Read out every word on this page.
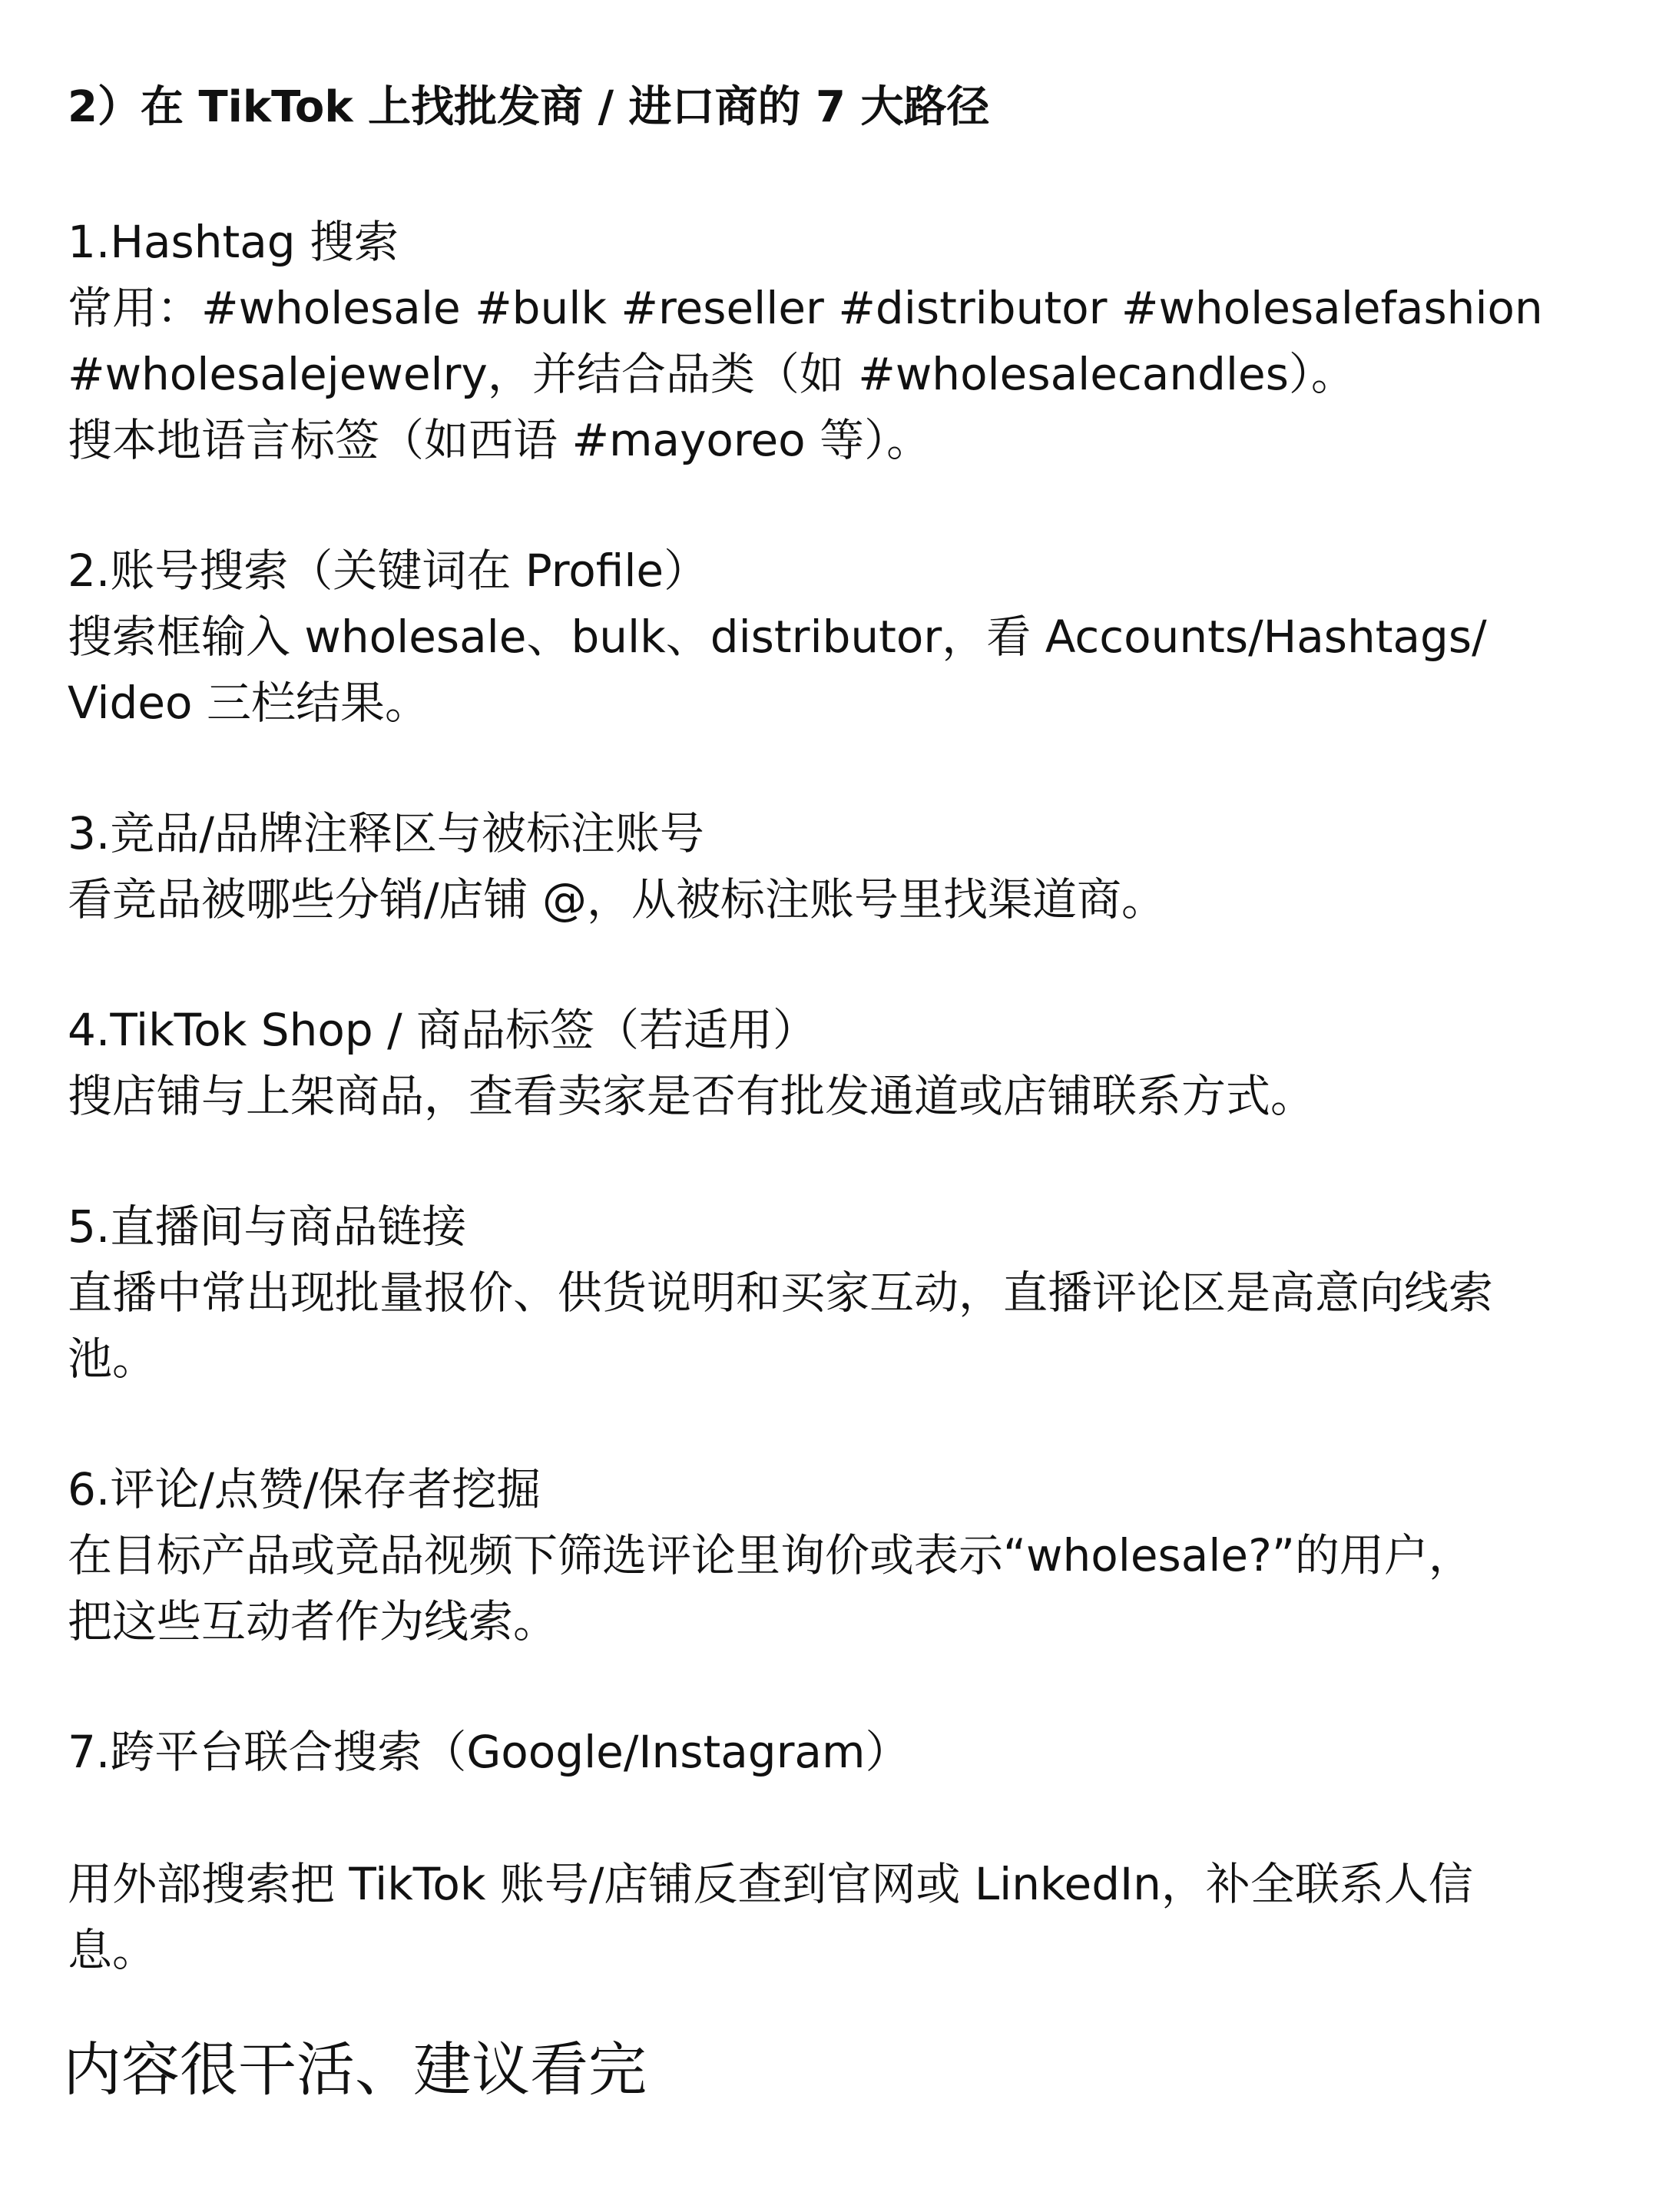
2）在 TikTok 上找批发商 / 进口商的 7 大路径
1.Hashtag 搜索
常用：#wholesale #bulk #reseller #distributor #wholesalefashion
#wholesalejewelry，并结合品类（如 #wholesalecandles）。
搜本地语言标签（如西语 #mayoreo 等）。
2.账号搜索（关键词在 Profile）
搜索框输入 wholesale、bulk、distributor，看 Accounts/Hashtags/
Video 三栏结果。
3.竞品/品牌注释区与被标注账号
看竞品被哪些分销/店铺 @，从被标注账号里找渠道商。
4.TikTok Shop / 商品标签（若适用）
搜店铺与上架商品，查看卖家是否有批发通道或店铺联系方式。
5.直播间与商品链接
直播中常出现批量报价、供货说明和买家互动，直播评论区是高意向线索
池。
6.评论/点赞/保存者挖掘
在目标产品或竞品视频下筛选评论里询价或表示“wholesale?”的用户，
把这些互动者作为线索。
7.跨平台联合搜索（Google/Instagram）
用外部搜索把 TikTok 账号/店铺反查到官网或 LinkedIn，补全联系人信
息。
内容很干活、建议看完
